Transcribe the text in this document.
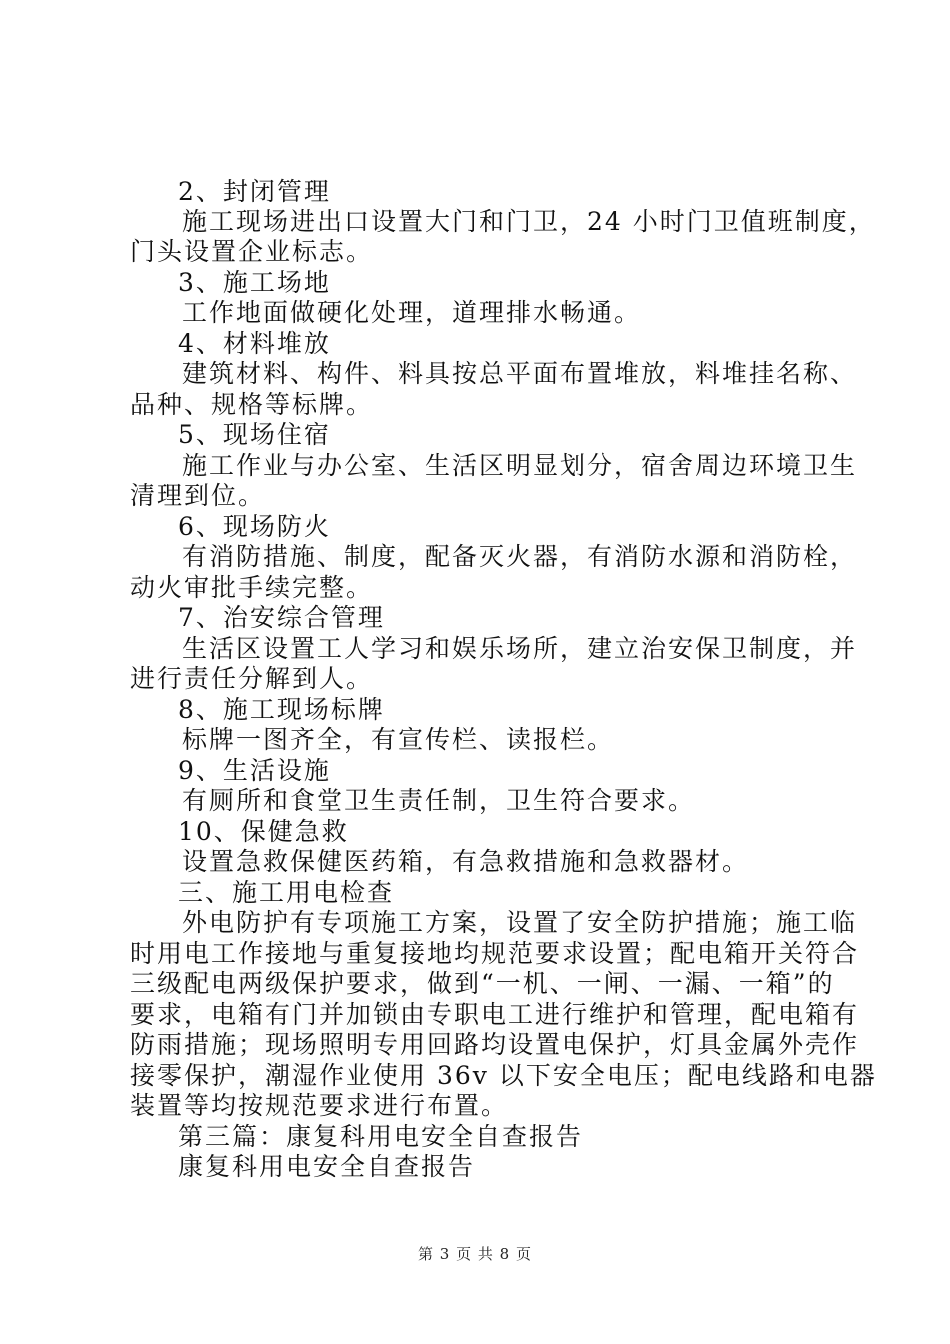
2、封闭管理
施工现场进出口设置大门和门卫，24 小时门卫值班制度，
门头设置企业标志。
3、施工场地
工作地面做硬化处理，道理排水畅通。
4、材料堆放
建筑材料、构件、料具按总平面布置堆放，料堆挂名称、
品种、规格等标牌。
5、现场住宿
施工作业与办公室、生活区明显划分，宿舍周边环境卫生
清理到位。
6、现场防火
有消防措施、制度，配备灭火器，有消防水源和消防栓，
动火审批手续完整。
7、治安综合管理
生活区设置工人学习和娱乐场所，建立治安保卫制度，并
进行责任分解到人。
8、施工现场标牌
标牌一图齐全，有宣传栏、读报栏。
9、生活设施
有厕所和食堂卫生责任制，卫生符合要求。
10、保健急救
设置急救保健医药箱，有急救措施和急救器材。
三、施工用电检查
外电防护有专项施工方案，设置了安全防护措施；施工临
时用电工作接地与重复接地均规范要求设置；配电箱开关符合
三级配电两级保护要求，做到“一机、一闸、一漏、一箱”的
要求，电箱有门并加锁由专职电工进行维护和管理，配电箱有
防雨措施；现场照明专用回路均设置电保护，灯具金属外壳作
接零保护，潮湿作业使用 36v 以下安全电压；配电线路和电器
装置等均按规范要求进行布置。
第三篇：康复科用电安全自查报告
康复科用电安全自查报告
第 3 页 共 8 页
